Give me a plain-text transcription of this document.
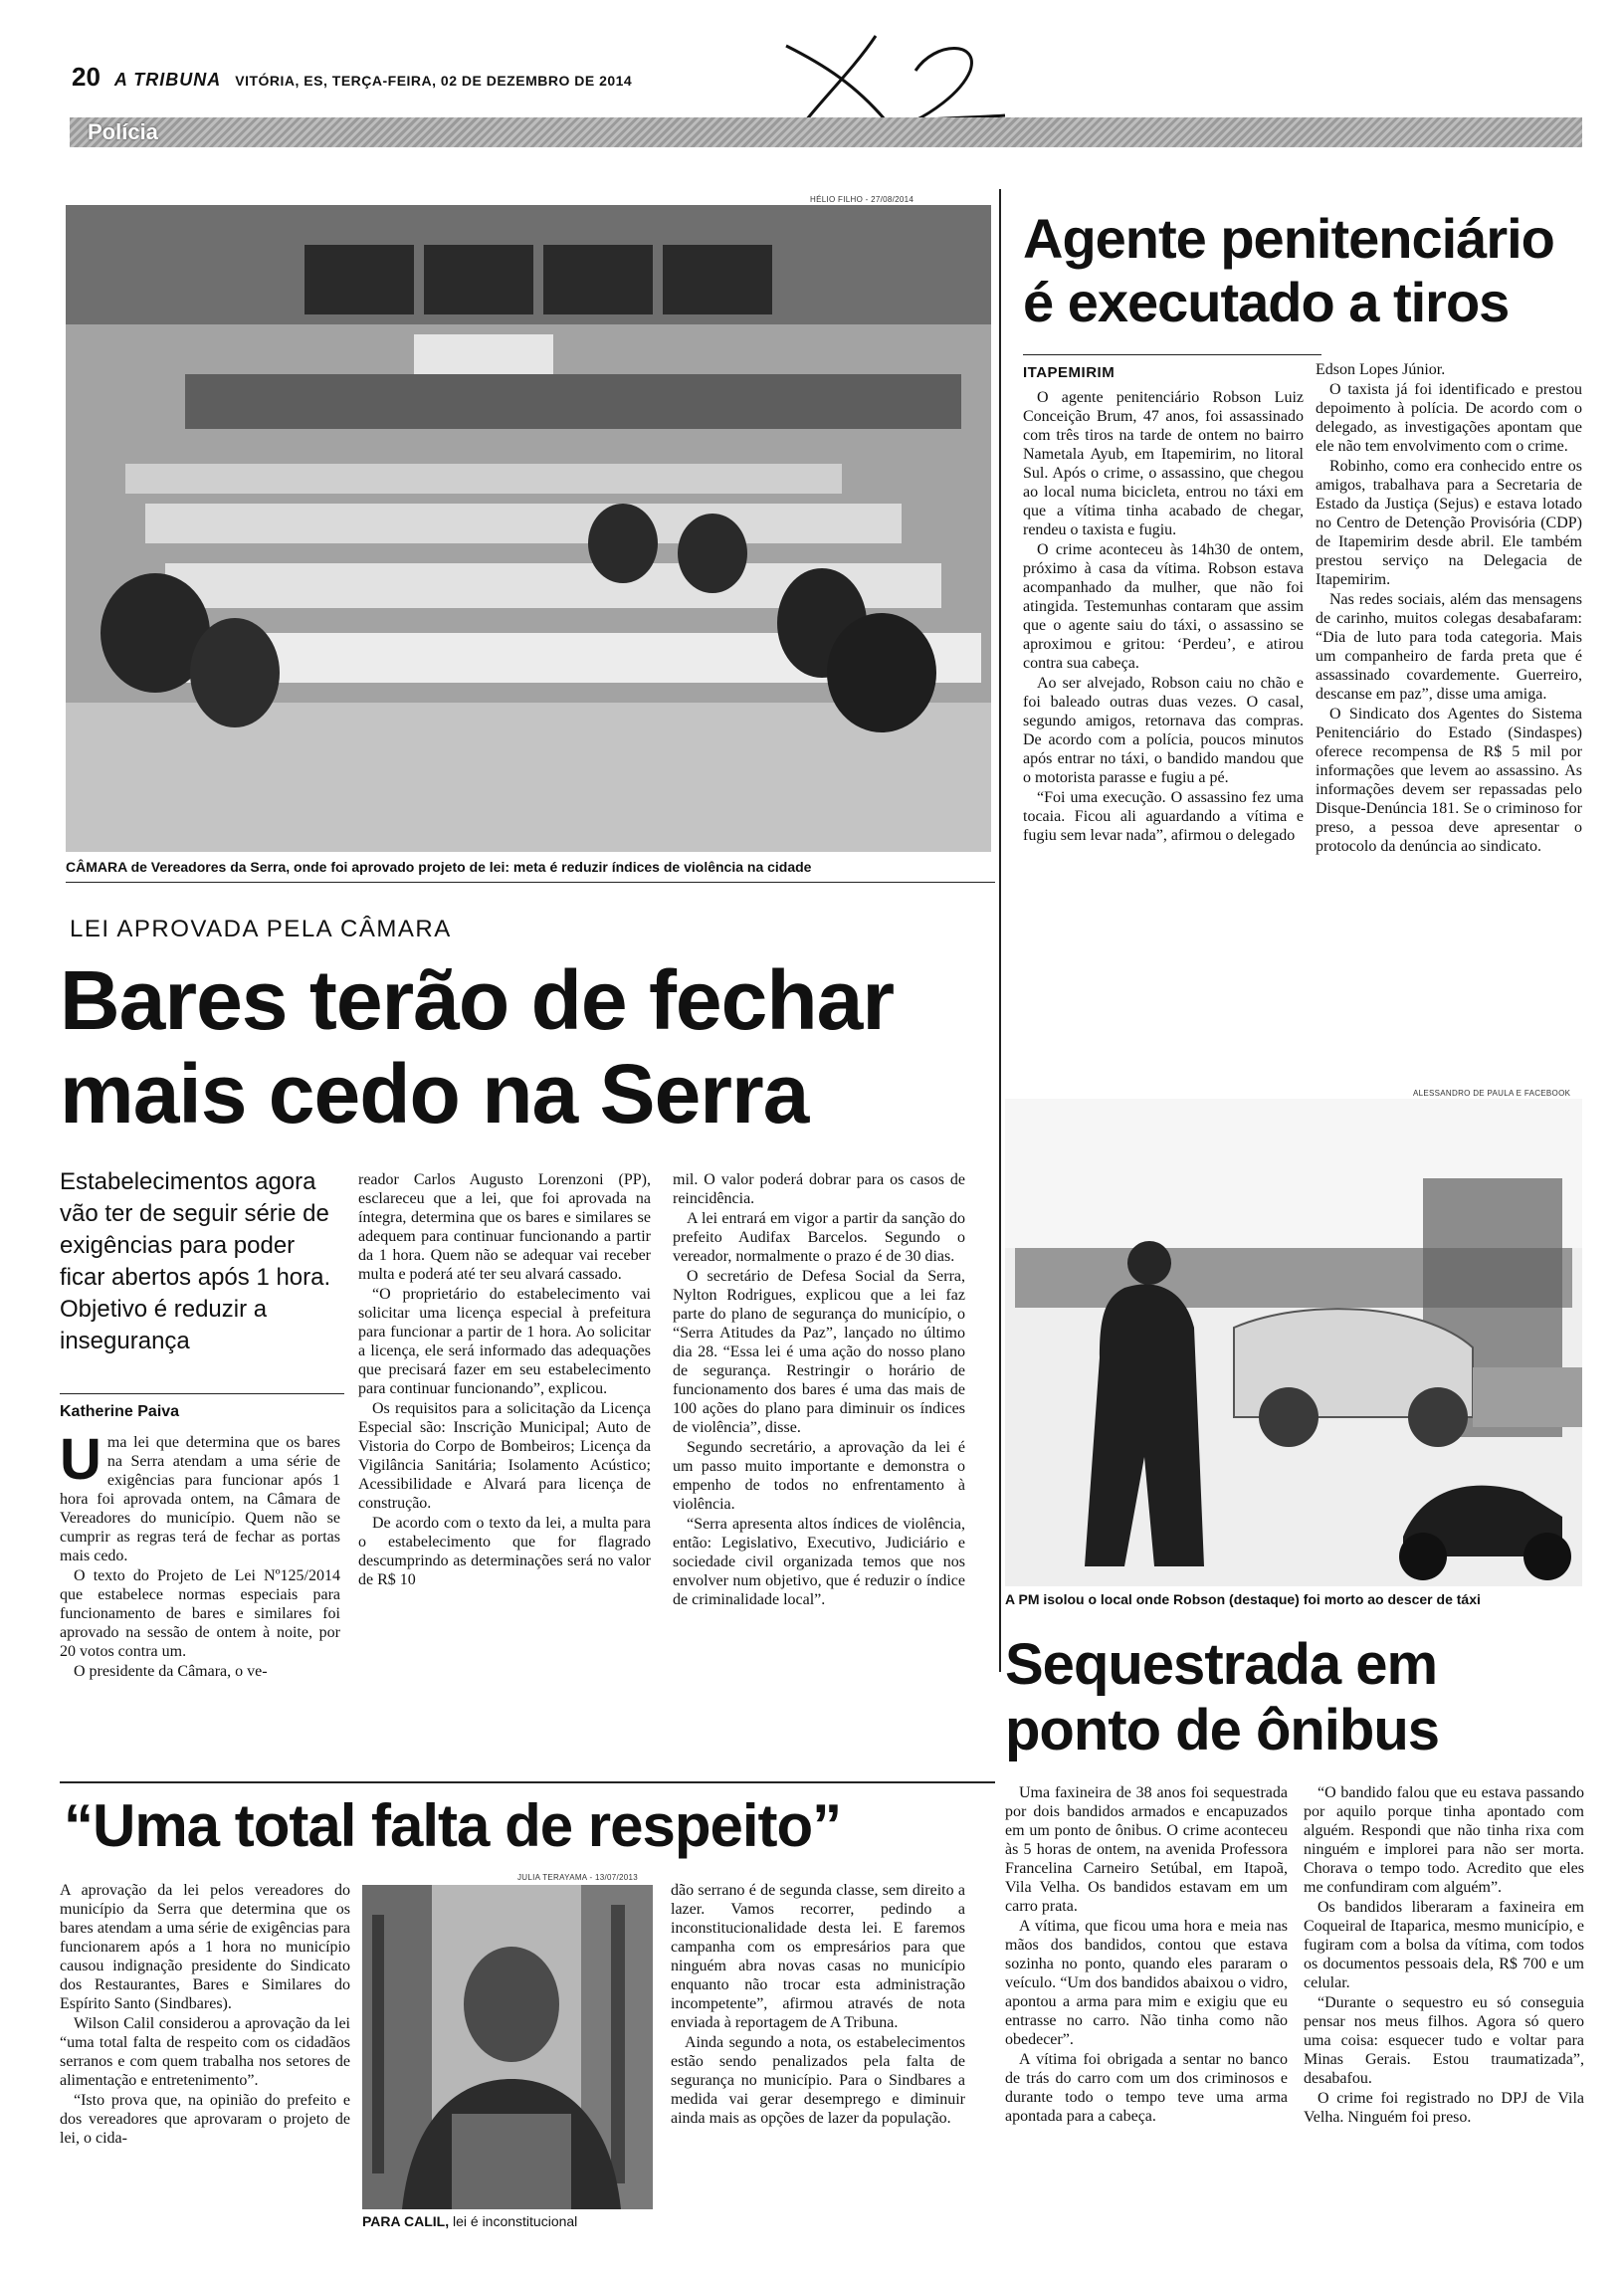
20 A TRIBUNA VITÓRIA, ES, TERÇA-FEIRA, 02 DE DEZEMBRO DE 2014
Polícia
HÉLIO FILHO - 27/08/2014
CÂMARA de Vereadores da Serra, onde foi aprovado projeto de lei: meta é reduzir índices de violência na cidade
LEI APROVADA PELA CÂMARA
Bares terão de fechar
mais cedo na Serra
Estabelecimentos agora vão ter de seguir série de exigências para poder ficar abertos após 1 hora. Objetivo é reduzir a insegurança
Katherine Paiva
U ma lei que determina que os bares na Serra atendam a uma série de exigências para funcionar após 1 hora foi aprovada ontem, na Câmara de Vereadores do município. Quem não se cumprir as regras terá de fechar as portas mais cedo.

O texto do Projeto de Lei Nº125/2014 que estabelece normas especiais para funcionamento de bares e similares foi aprovado na sessão de ontem à noite, por 20 votos contra um.

O presidente da Câmara, o ve-

reador Carlos Augusto Lorenzoni (PP), esclareceu que a lei, que foi aprovada na íntegra, determina que os bares e similares se adequem para continuar funcionando a partir da 1 hora. Quem não se adequar vai receber multa e poderá até ter seu alvará cassado.

“O proprietário do estabelecimento vai solicitar uma licença especial à prefeitura para funcionar a partir de 1 hora. Ao solicitar a licença, ele será informado das adequações que precisará fazer em seu estabelecimento para continuar funcionando”, explicou.

Os requisitos para a solicitação da Licença Especial são: Inscrição Municipal; Auto de Vistoria do Corpo de Bombeiros; Licença da Vigilância Sanitária; Isolamento Acústico; Acessibilidade e Alvará para licença de construção.

De acordo com o texto da lei, a multa para o estabelecimento que for flagrado descumprindo as determinações será no valor de R$ 10

mil. O valor poderá dobrar para os casos de reincidência.

A lei entrará em vigor a partir da sanção do prefeito Audifax Barcelos. Segundo o vereador, normalmente o prazo é de 30 dias.

O secretário de Defesa Social da Serra, Nylton Rodrigues, explicou que a lei faz parte do plano de segurança do município, o “Serra Atitudes da Paz”, lançado no último dia 28. “Essa lei é uma ação do nosso plano de segurança. Restringir o horário de funcionamento dos bares é uma das mais de 100 ações do plano para diminuir os índices de violência”, disse.

Segundo secretário, a aprovação da lei é um passo muito importante e demonstra o empenho de todos no enfrentamento à violência.

“Serra apresenta altos índices de violência, então: Legislativo, Executivo, Judiciário e sociedade civil organizada temos que nos envolver num objetivo, que é reduzir o índice de criminalidade local”.

“Uma total falta de respeito”

A aprovação da lei pelos vereadores do município da Serra que determina que os bares atendam a uma série de exigências para funcionarem após a 1 hora no município causou indignação presidente do Sindicato dos Restaurantes, Bares e Similares do Espírito Santo (Sindbares).

Wilson Calil considerou a aprovação da lei “uma total falta de respeito com os cidadãos serranos e com quem trabalha nos setores de alimentação e entretenimento”.

“Isto prova que, na opinião do prefeito e dos vereadores que aprovaram o projeto de lei, o cida-

JULIA TERAYAMA - 13/07/2013
PARA CALIL, lei é inconstitucional

dão serrano é de segunda classe, sem direito a lazer. Vamos recorrer, pedindo a inconstitucionalidade desta lei. E faremos campanha com os empresários para que ninguém abra novas casas no município enquanto não trocar esta administração incompetente”, afirmou através de nota enviada à reportagem de A Tribuna.

Ainda segundo a nota, os estabelecimentos estão sendo penalizados pela falta de segurança no município. Para o Sindbares a medida vai gerar desemprego e diminuir ainda mais as opções de lazer da população.

Agente penitenciário
é executado a tiros
ITAPEMIRIM

O agente penitenciário Robson Luiz Conceição Brum, 47 anos, foi assassinado com três tiros na tarde de ontem no bairro Nametala Ayub, em Itapemirim, no litoral Sul. Após o crime, o assassino, que chegou ao local numa bicicleta, entrou no táxi em que a vítima tinha acabado de chegar, rendeu o taxista e fugiu.

O crime aconteceu às 14h30 de ontem, próximo à casa da vítima. Robson estava acompanhado da mulher, que não foi atingida. Testemunhas contaram que assim que o agente saiu do táxi, o assassino se aproximou e gritou: ‘Perdeu’, e atirou contra sua cabeça.

Ao ser alvejado, Robson caiu no chão e foi baleado outras duas vezes. O casal, segundo amigos, retornava das compras. De acordo com a polícia, poucos minutos após entrar no táxi, o bandido mandou que o motorista parasse e fugiu a pé.

“Foi uma execução. O assassino fez uma tocaia. Ficou ali aguardando a vítima e fugiu sem levar nada”, afirmou o delegado

Edson Lopes Júnior.

O taxista já foi identificado e prestou depoimento à polícia. De acordo com o delegado, as investigações apontam que ele não tem envolvimento com o crime.

Robinho, como era conhecido entre os amigos, trabalhava para a Secretaria de Estado da Justiça (Sejus) e estava lotado no Centro de Detenção Provisória (CDP) de Itapemirim desde abril. Ele também prestou serviço na Delegacia de Itapemirim.

Nas redes sociais, além das mensagens de carinho, muitos colegas desabafaram: “Dia de luto para toda categoria. Mais um companheiro de farda preta que é assassinado covardemente. Guerreiro, descanse em paz”, disse uma amiga.

O Sindicato dos Agentes do Sistema Penitenciário do Estado (Sindaspes) oferece recompensa de R$ 5 mil por informações que levem ao assassino. As informações devem ser repassadas pelo Disque-Denúncia 181. Se o criminoso for preso, a pessoa deve apresentar o protocolo da denúncia ao sindicato.

ALESSANDRO DE PAULA E FACEBOOK
A PM isolou o local onde Robson (destaque) foi morto ao descer de táxi
Sequestrada em
ponto de ônibus

Uma faxineira de 38 anos foi sequestrada por dois bandidos armados e encapuzados em um ponto de ônibus. O crime aconteceu às 5 horas de ontem, na avenida Professora Francelina Carneiro Setúbal, em Itapoã, Vila Velha. Os bandidos estavam em um carro prata.

A vítima, que ficou uma hora e meia nas mãos dos bandidos, contou que estava sozinha no ponto, quando eles pararam o veículo. “Um dos bandidos abaixou o vidro, apontou a arma para mim e exigiu que eu entrasse no carro. Não tinha como não obedecer”.

A vítima foi obrigada a sentar no banco de trás do carro com um dos criminosos e durante todo o tempo teve uma arma apontada para a cabeça.

“O bandido falou que eu estava passando por aquilo porque tinha apontado com alguém. Respondi que não tinha rixa com ninguém e implorei para não ser morta. Chorava o tempo todo. Acredito que eles me confundiram com alguém”.

Os bandidos liberaram a faxineira em Coqueiral de Itaparica, mesmo município, e fugiram com a bolsa da vítima, com todos os documentos pessoais dela, R$ 700 e um celular.

“Durante o sequestro eu só conseguia pensar nos meus filhos. Agora só quero uma coisa: esquecer tudo e voltar para Minas Gerais. Estou traumatizada”, desabafou.

O crime foi registrado no DPJ de Vila Velha. Ninguém foi preso.
